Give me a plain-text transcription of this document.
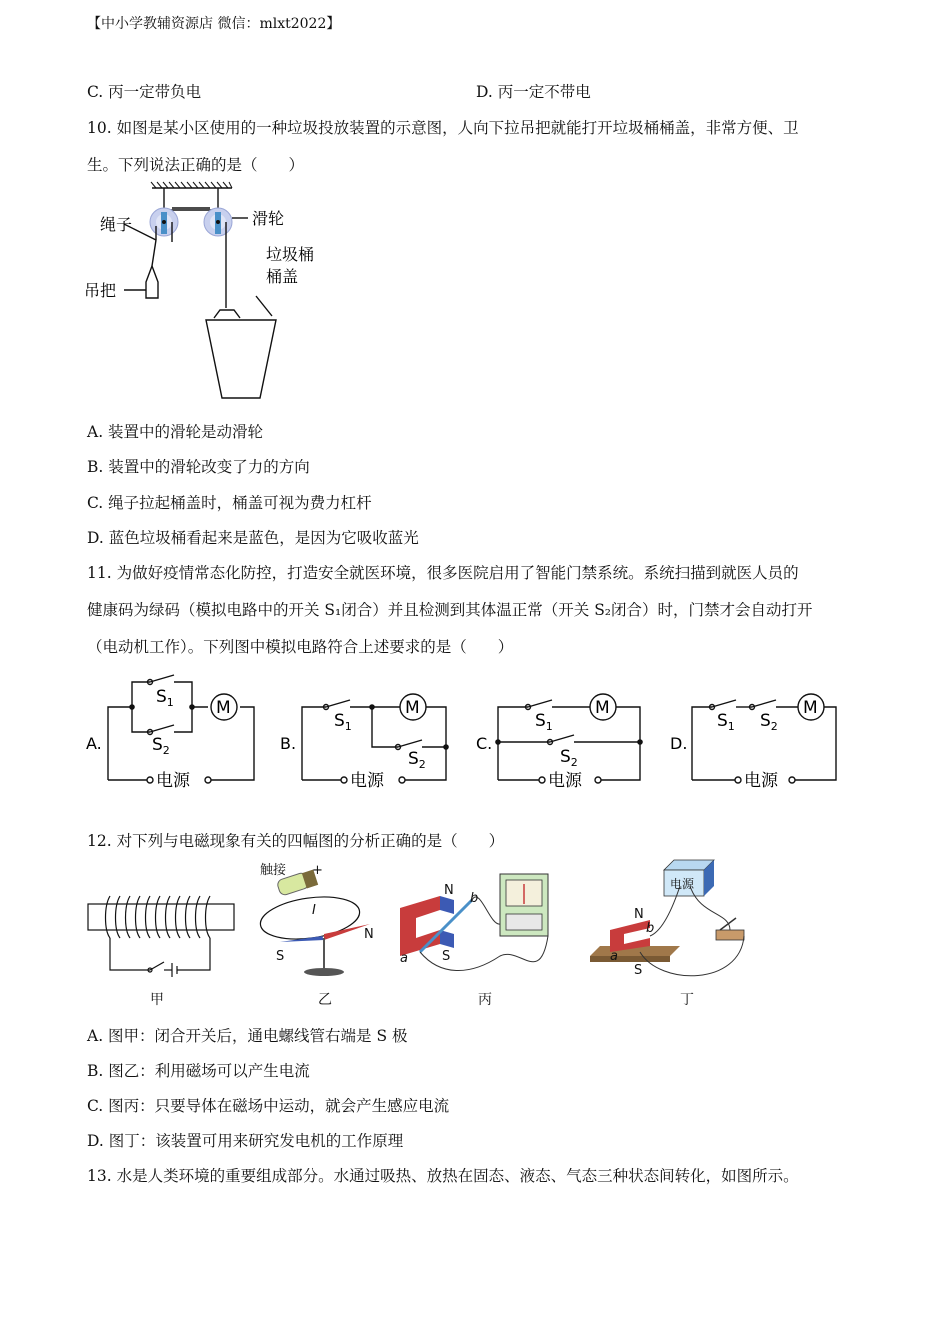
【中小学教辅资源店 微信：mlxt2022】
C. 丙一定带负电	D. 丙一定不带电
10. 如图是某小区使用的一种垃圾投放装置的示意图，人向下拉吊把就能打开垃圾桶桶盖，非常方便、卫
生。下列说法正确的是（　　）
绳子	滑轮
垃圾桶
桶盖
吊把
A. 装置中的滑轮是动滑轮
B. 装置中的滑轮改变了力的方向
C. 绳子拉起桶盖时，桶盖可视为费力杠杆
D. 蓝色垃圾桶看起来是蓝色，是因为它吸收蓝光
11. 为做好疫情常态化防控，打造安全就医环境，很多医院启用了智能门禁系统。系统扫描到就医人员的
健康码为绿码（模拟电路中的开关 S₁闭合）并且检测到其体温正常（开关 S₂闭合）时，门禁才会自动打开
（电动机工作）。下列图中模拟电路符合上述要求的是（　　）
A.	B.	C.	D.
M	M	M	M
电源	电源	电源	电源
$S_1$
$S_2$
$S_1$
$S_2$
$S_1$
$S_2$
$S_1$ $S_2$
12. 对下列与电磁现象有关的四幅图的分析正确的是（　　）
触接 +
I
N
S
N
S
a
b
N
S
a
b
电源
甲	乙	丙	丁
A. 图甲：闭合开关后，通电螺线管右端是 S 极
B. 图乙：利用磁场可以产生电流
C. 图丙：只要导体在磁场中运动，就会产生感应电流
D. 图丁：该装置可用来研究发电机的工作原理
13. 水是人类环境的重要组成部分。水通过吸热、放热在固态、液态、气态三种状态间转化，如图所示。
